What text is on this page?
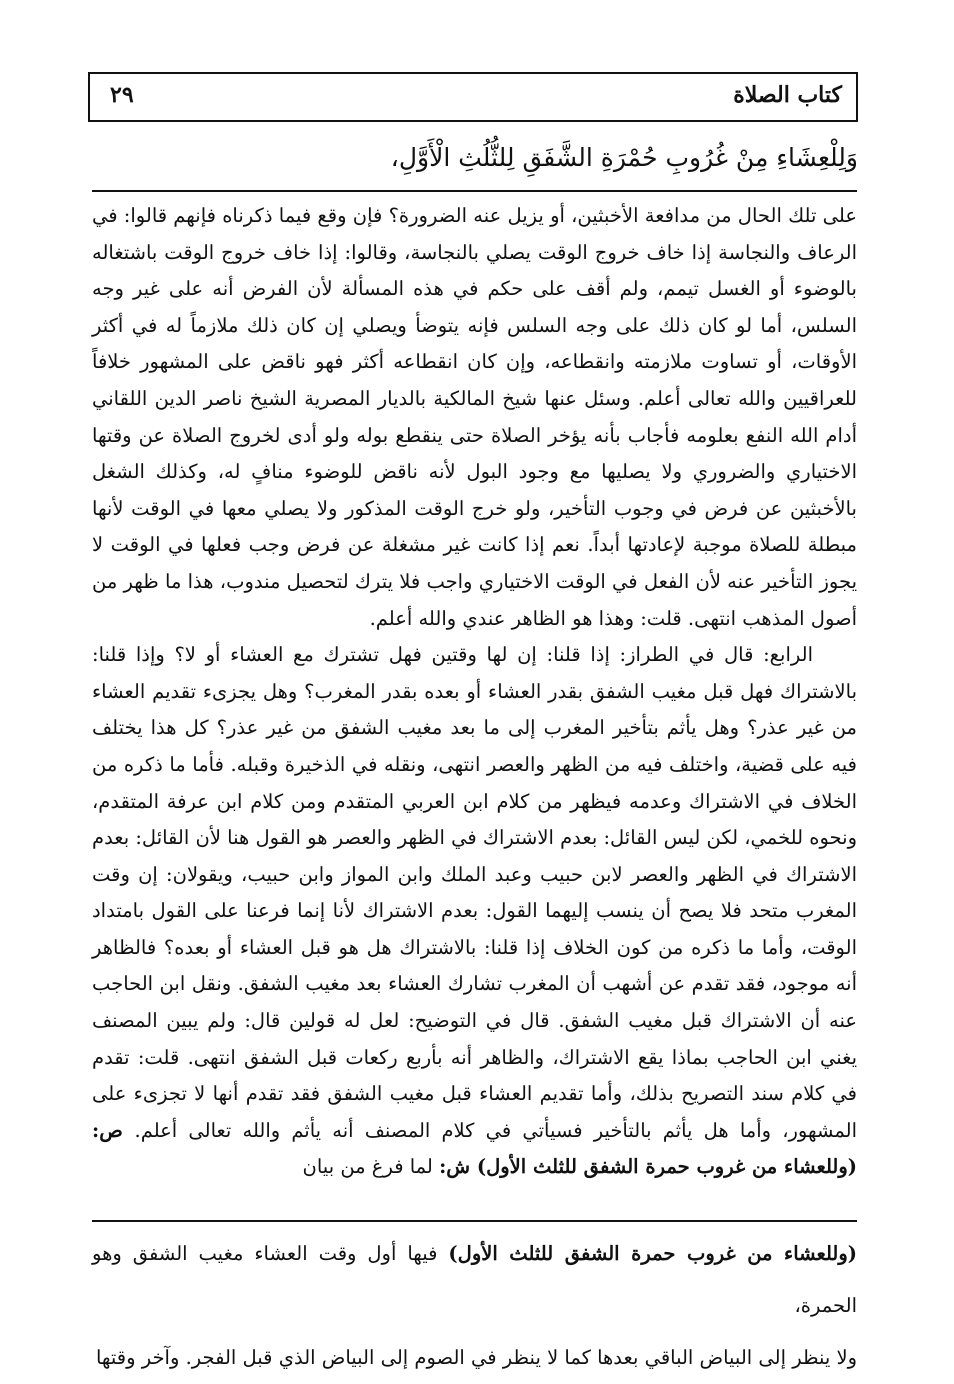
كتاب الصلاة
٢٩
وَلِلْعِشَاءِ مِنْ غُرُوبِ حُمْرَةِ الشَّفَقِ لِلثُّلُثِ الْأَوَّلِ،

على تلك الحال من مدافعة الأخبثين، أو يزيل عنه الضرورة؟ فإن وقع فيما ذكرناه فإنهم قالوا: في الرعاف والنجاسة إذا خاف خروج الوقت يصلي بالنجاسة، وقالوا: إذا خاف خروج الوقت باشتغاله بالوضوء أو الغسل تيمم، ولم أقف على حكم في هذه المسألة لأن الفرض أنه على غير وجه السلس، أما لو كان ذلك على وجه السلس فإنه يتوضأ ويصلي إن كان ذلك ملازماً له في أكثر الأوقات، أو تساوت ملازمته وانقطاعه، وإن كان انقطاعه أكثر فهو ناقض على المشهور خلافاً للعراقيين والله تعالى أعلم. وسئل عنها شيخ المالكية بالديار المصرية الشيخ ناصر الدين اللقاني أدام الله النفع بعلومه فأجاب بأنه يؤخر الصلاة حتى ينقطع بوله ولو أدى لخروج الصلاة عن وقتها الاختياري والضروري ولا يصليها مع وجود البول لأنه ناقض للوضوء منافٍ له، وكذلك الشغل بالأخبثين عن فرض في وجوب التأخير، ولو خرج الوقت المذكور ولا يصلي معها في الوقت لأنها مبطلة للصلاة موجبة لإعادتها أبداً. نعم إذا كانت غير مشغلة عن فرض وجب فعلها في الوقت لا يجوز التأخير عنه لأن الفعل في الوقت الاختياري واجب فلا يترك لتحصيل مندوب، هذا ما ظهر من أصول المذهب انتهى. قلت: وهذا هو الظاهر عندي والله أعلم.

الرابع: قال في الطراز: إذا قلنا: إن لها وقتين فهل تشترك مع العشاء أو لا؟ وإذا قلنا: بالاشتراك فهل قبل مغيب الشفق بقدر العشاء أو بعده بقدر المغرب؟ وهل يجزىء تقديم العشاء من غير عذر؟ وهل يأثم بتأخير المغرب إلى ما بعد مغيب الشفق من غير عذر؟ كل هذا يختلف فيه على قضية، واختلف فيه من الظهر والعصر انتهى، ونقله في الذخيرة وقبله. فأما ما ذكره من الخلاف في الاشتراك وعدمه فيظهر من كلام ابن العربي المتقدم ومن كلام ابن عرفة المتقدم، ونحوه للخمي، لكن ليس القائل: بعدم الاشتراك في الظهر والعصر هو القول هنا لأن القائل: بعدم الاشتراك في الظهر والعصر لابن حبيب وعبد الملك وابن المواز وابن حبيب، ويقولان: إن وقت المغرب متحد فلا يصح أن ينسب إليهما القول: بعدم الاشتراك لأنا إنما فرعنا على القول بامتداد الوقت، وأما ما ذكره من كون الخلاف إذا قلنا: بالاشتراك هل هو قبل العشاء أو بعده؟ فالظاهر أنه موجود، فقد تقدم عن أشهب أن المغرب تشارك العشاء بعد مغيب الشفق. ونقل ابن الحاجب عنه أن الاشتراك قبل مغيب الشفق. قال في التوضيح: لعل له قولين قال: ولم يبين المصنف يغني ابن الحاجب بماذا يقع الاشتراك، والظاهر أنه بأربع ركعات قبل الشفق انتهى. قلت: تقدم في كلام سند التصريح بذلك، وأما تقديم العشاء قبل مغيب الشفق فقد تقدم أنها لا تجزىء على المشهور، وأما هل يأثم بالتأخير فسيأتي في كلام المصنف أنه يأثم والله تعالى أعلم. ص: (وللعشاء من غروب حمرة الشفق للثلث الأول) ش: لما فرغ من بيان

(وللعشاء من غروب حمرة الشفق للثلث الأول) فيها أول وقت العشاء مغيب الشفق وهو الحمرة،

ولا ينظر إلى البياض الباقي بعدها كما لا ينظر في الصوم إلى البياض الذي قبل الفجر. وآخر وقتها
